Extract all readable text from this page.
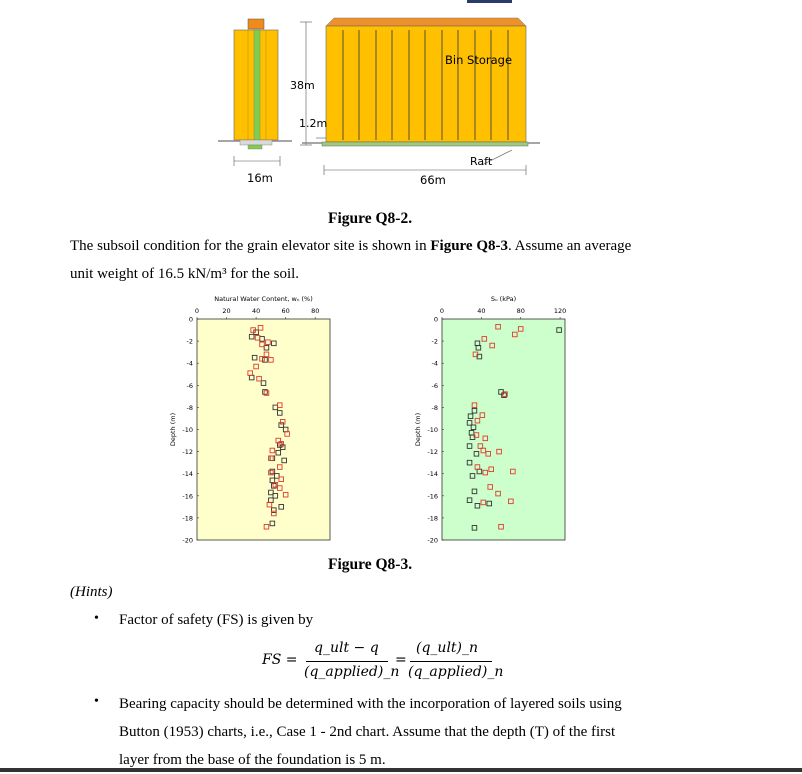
38m
1.2m
Bin Storage
Raft
16m	66m
Figure Q8-2.
The subsoil condition for the grain elevator site is shown in Figure Q8-3. Assume an average
unit weight of 16.5 kN/m³ for the soil.
Natural Water Content, wₙ (%)
0	20	40	60	80
0
-2
-4
-6
-8
-10
-12
-14
-16
-18
-20
Depth (m)
Sᵤ (kPa)
0	40	80	120
0
-2
-4
-6
-8
-10
-12
-14
-16
-18
-20
Depth (m)
Figure Q8-3.
(Hints)
• Factor of safety (FS) is given by
FS =
q_ult − q
(q_applied)_n
=
(q_ult)_n
(q_applied)_n
• Bearing capacity should be determined with the incorporation of layered soils using
Button (1953) charts, i.e., Case 1 - 2nd chart. Assume that the depth (T) of the first
layer from the base of the foundation is 5 m.
